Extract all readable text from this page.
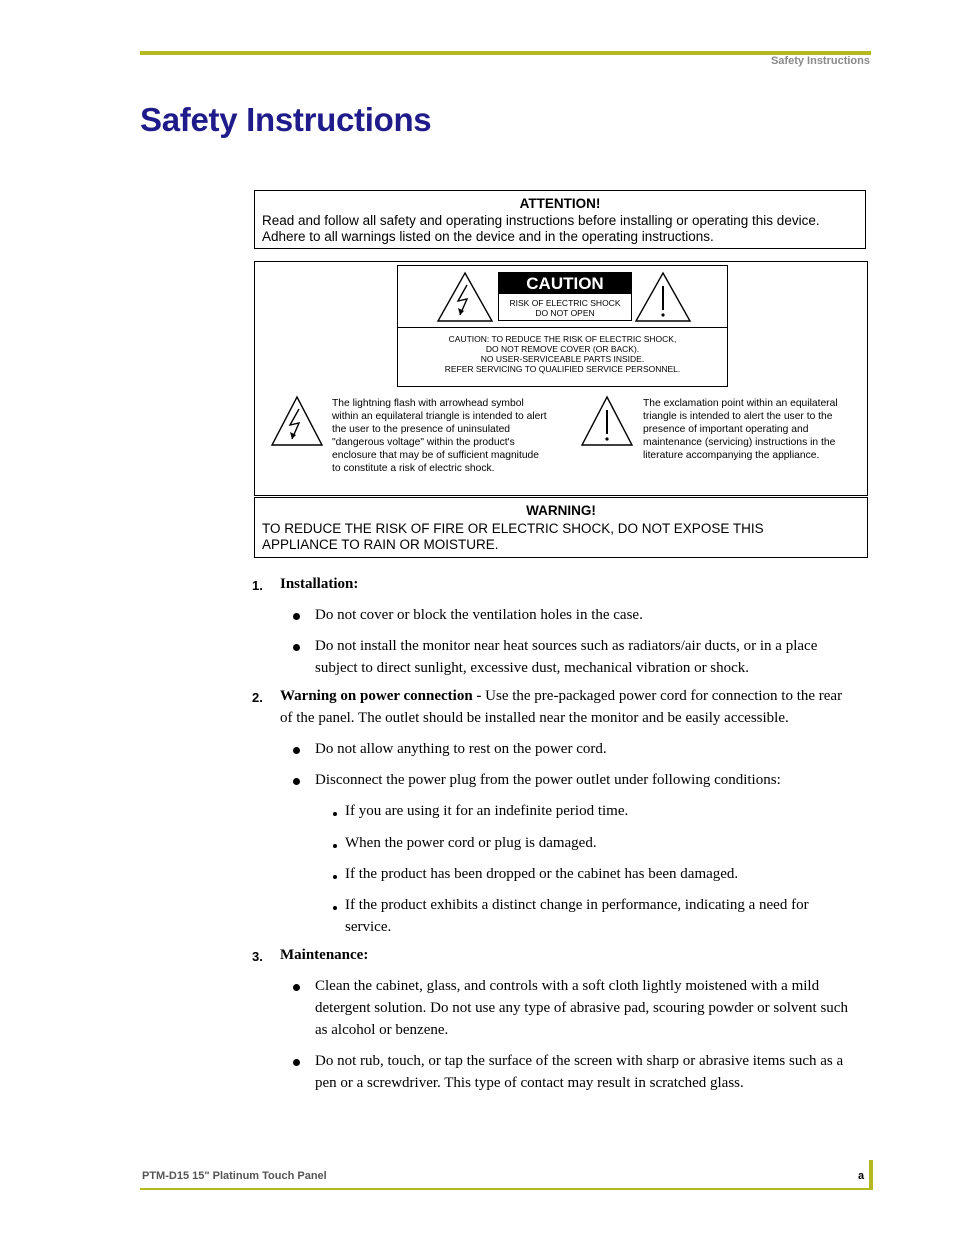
Safety Instructions
Safety Instructions
ATTENTION!
Read and follow all safety and operating instructions before installing or operating this device.
Adhere to all warnings listed on the device and in the operating instructions.
CAUTION
RISK OF ELECTRIC SHOCK
DO NOT OPEN
CAUTION: TO REDUCE THE RISK OF ELECTRIC SHOCK,
DO NOT REMOVE COVER (OR BACK).
NO USER-SERVICEABLE PARTS INSIDE.
REFER SERVICING TO QUALIFIED SERVICE PERSONNEL.
The lightning flash with arrowhead symbol
within an equilateral triangle is intended to alert
the user to the presence of uninsulated
"dangerous voltage" within the product's
enclosure that may be of sufficient magnitude
to constitute a risk of electric shock.
The exclamation point within an equilateral
triangle is intended to alert the user to the
presence of important operating and
maintenance (servicing) instructions in the
literature accompanying the appliance.
WARNING!
TO REDUCE THE RISK OF FIRE OR ELECTRIC SHOCK, DO NOT EXPOSE THIS
APPLIANCE TO RAIN OR MOISTURE.
1. Installation:
Do not cover or block the ventilation holes in the case.
Do not install the monitor near heat sources such as radiators/air ducts, or in a place
subject to direct sunlight, excessive dust, mechanical vibration or shock.
2. Warning on power connection - Use the pre-packaged power cord for connection to the rear
of the panel. The outlet should be installed near the monitor and be easily accessible.
Do not allow anything to rest on the power cord.
Disconnect the power plug from the power outlet under following conditions:
If you are using it for an indefinite period time.
When the power cord or plug is damaged.
If the product has been dropped or the cabinet has been damaged.
If the product exhibits a distinct change in performance, indicating a need for
service.
3. Maintenance:
Clean the cabinet, glass, and controls with a soft cloth lightly moistened with a mild
detergent solution. Do not use any type of abrasive pad, scouring powder or solvent such
as alcohol or benzene.
Do not rub, touch, or tap the surface of the screen with sharp or abrasive items such as a
pen or a screwdriver. This type of contact may result in scratched glass.
PTM-D15 15" Platinum Touch Panel	a
